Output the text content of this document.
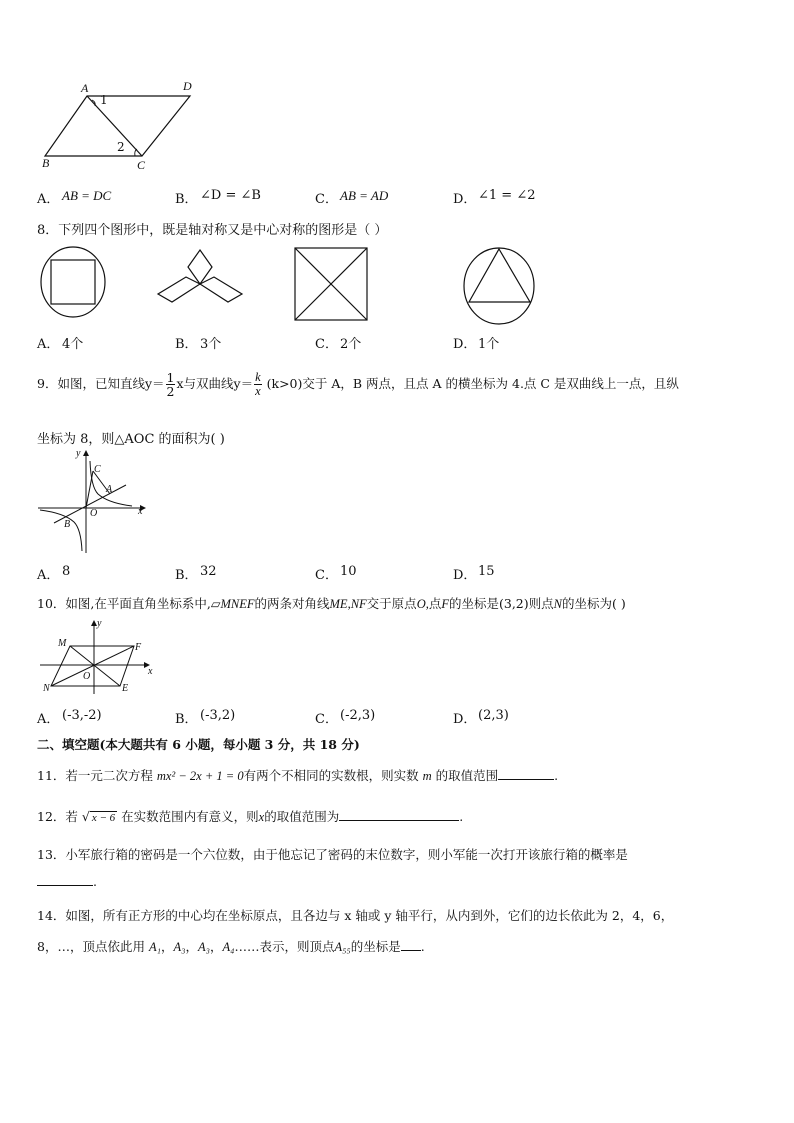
A	D
B	C
1
2
A． AB = DC	B． ∠D = ∠B	C． AB = AD	D． ∠1 = ∠2
8．下列四个图形中，既是轴对称又是中心对称的图形是（ ）
A． 4个	B． 3个	C． 2个	D． 1个
9．如图，已知直线$y= \frac{1}{2}$ x与双曲线$y= \frac{k}{x} (k>0)$交于 A，B 两点，且点 A 的横坐标为 4.点 C 是双曲线上一点，且纵
坐标为 8，则△AOC 的面积为( )
y
x
O
A
B
C
A． 8	B． 32	C． 10	D． 15
10．如图,在平面直角坐标系中,▱MNEF的两条对角线ME,NF交于原点O,点F的坐标是(3,2)则点N的坐标为( )
M	F
N	E
O	x
y
A． (-3,-2)	B． (-3,2)	C． (-2,3)	D． (2,3)
二、填空题(本大题共有 6 小题，每小题 3 分，共 18 分)
11．若一元二次方程 mx² − 2x + 1 = 0有两个不相同的实数根，则实数 m 的取值范围	.
12．若 √ x − 6 在实数范围内有意义，则x的取值范围为	.
13．小军旅行箱的密码是一个六位数，由于他忘记了密码的末位数字，则小军能一次打开该旅行箱的概率是
.
14．如图，所有正方形的中心均在坐标原点，且各边与 x 轴或 y 轴平行，从内到外，它们的边长依此为 2，4，6，
8，…，顶点依此用 A₁，A₃，A₃，A₄……表示，则顶点A₅₅的坐标是 .
